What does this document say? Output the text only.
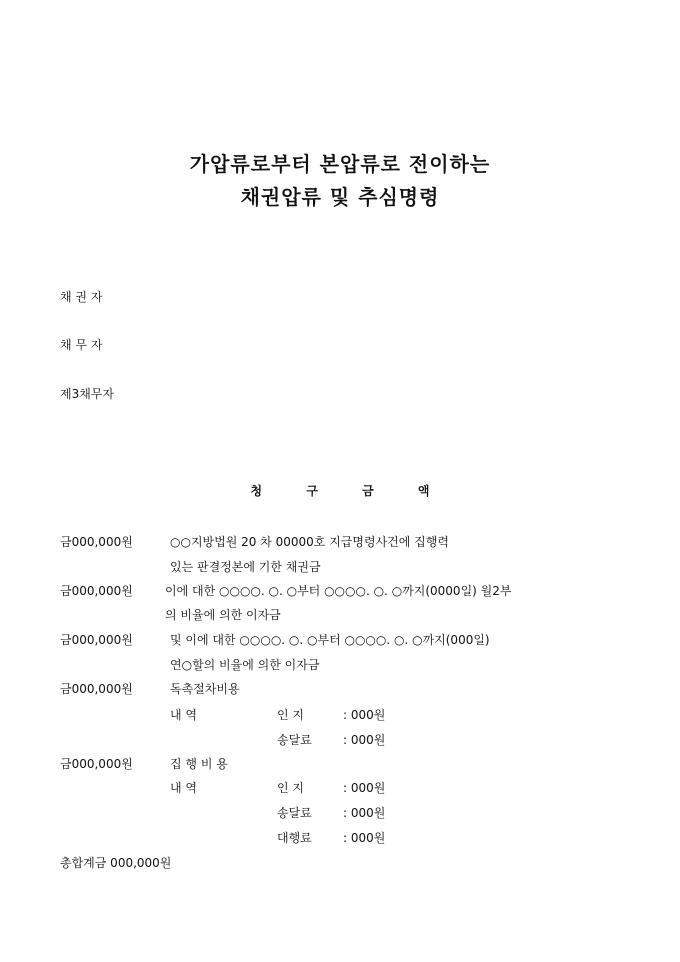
가압류로부터 본압류로 전이하는
채권압류 및 추심명령
채 권 자
채 무 자
제3채무자
청	구	금	액
금000,000원	○○지방법원 20 차 00000호 지급명령사건에 집행력
있는 판결정본에 기한 채권금
금000,000원	이에 대한 ○○○○. ○. ○부터 ○○○○. ○. ○까지(0000일) 월2부
의 비율에 의한 이자금
금000,000원	및 이에 대한 ○○○○. ○. ○부터 ○○○○. ○. ○까지(000일)
연○할의 비율에 의한 이자금
금000,000원	독촉절차비용
내 역	인 지	: 000원
송달료	: 000원
금000,000원	집 행 비 용
내 역	인 지	: 000원
송달료	: 000원
대행료	: 000원
총합계금 000,000원
